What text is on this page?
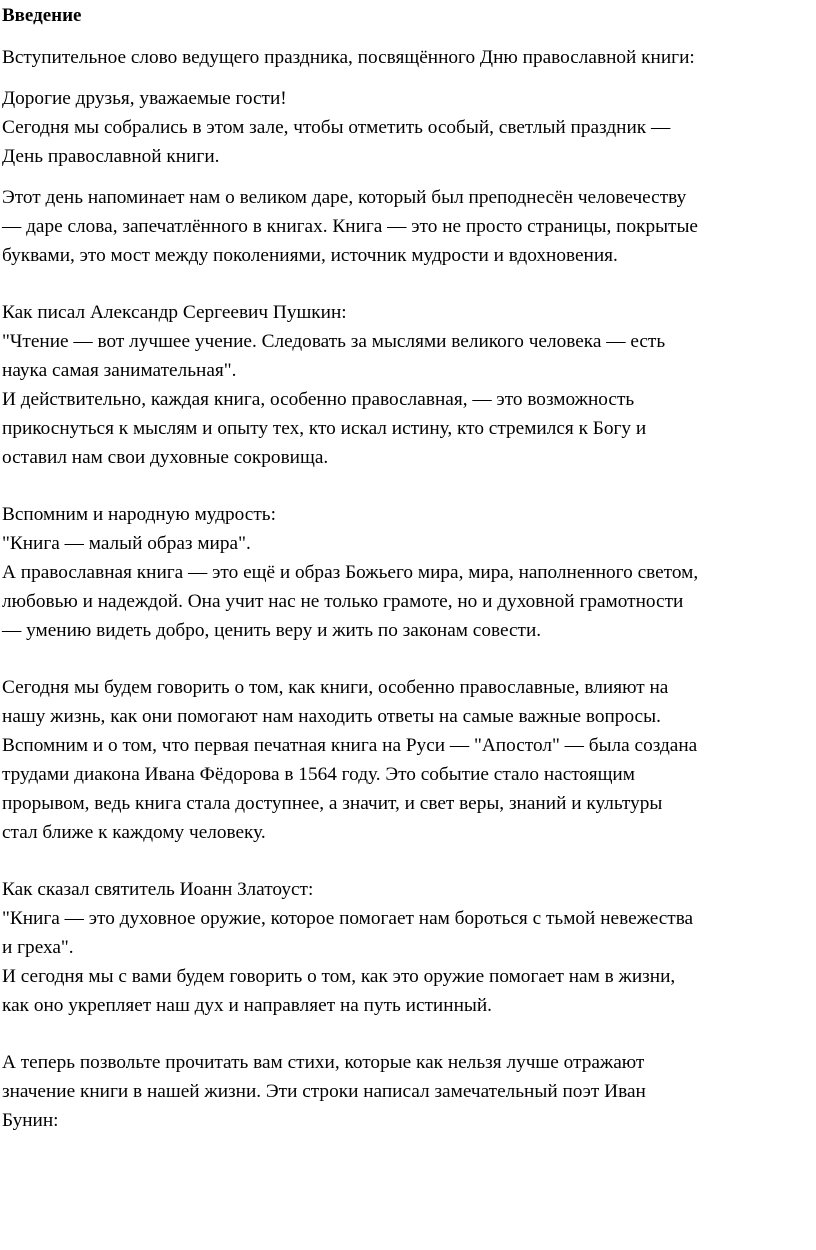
Введение

Вступительное слово ведущего праздника, посвящённого Дню православной книги:

Дорогие друзья, уважаемые гости!
Сегодня мы собрались в этом зале, чтобы отметить особый, светлый праздник —
День православной книги.

Этот день напоминает нам о великом даре, который был преподнесён человечеству
— даре слова, запечатлённого в книгах. Книга — это не просто страницы, покрытые
буквами, это мост между поколениями, источник мудрости и вдохновения.

Как писал Александр Сергеевич Пушкин:
"Чтение — вот лучшее учение. Следовать за мыслями великого человека — есть
наука самая занимательная".
И действительно, каждая книга, особенно православная, — это возможность
прикоснуться к мыслям и опыту тех, кто искал истину, кто стремился к Богу и
оставил нам свои духовные сокровища.

Вспомним и народную мудрость:
"Книга — малый образ мира".
А православная книга — это ещё и образ Божьего мира, мира, наполненного светом,
любовью и надеждой. Она учит нас не только грамоте, но и духовной грамотности
— умению видеть добро, ценить веру и жить по законам совести.

Сегодня мы будем говорить о том, как книги, особенно православные, влияют на
нашу жизнь, как они помогают нам находить ответы на самые важные вопросы.
Вспомним и о том, что первая печатная книга на Руси — "Апостол" — была создана
трудами диакона Ивана Фёдорова в 1564 году. Это событие стало настоящим
прорывом, ведь книга стала доступнее, а значит, и свет веры, знаний и культуры
стал ближе к каждому человеку.

Как сказал святитель Иоанн Златоуст:
"Книга — это духовное оружие, которое помогает нам бороться с тьмой невежества
и греха".
И сегодня мы с вами будем говорить о том, как это оружие помогает нам в жизни,
как оно укрепляет наш дух и направляет на путь истинный.

А теперь позвольте прочитать вам стихи, которые как нельзя лучше отражают
значение книги в нашей жизни. Эти строки написал замечательный поэт Иван
Бунин:
